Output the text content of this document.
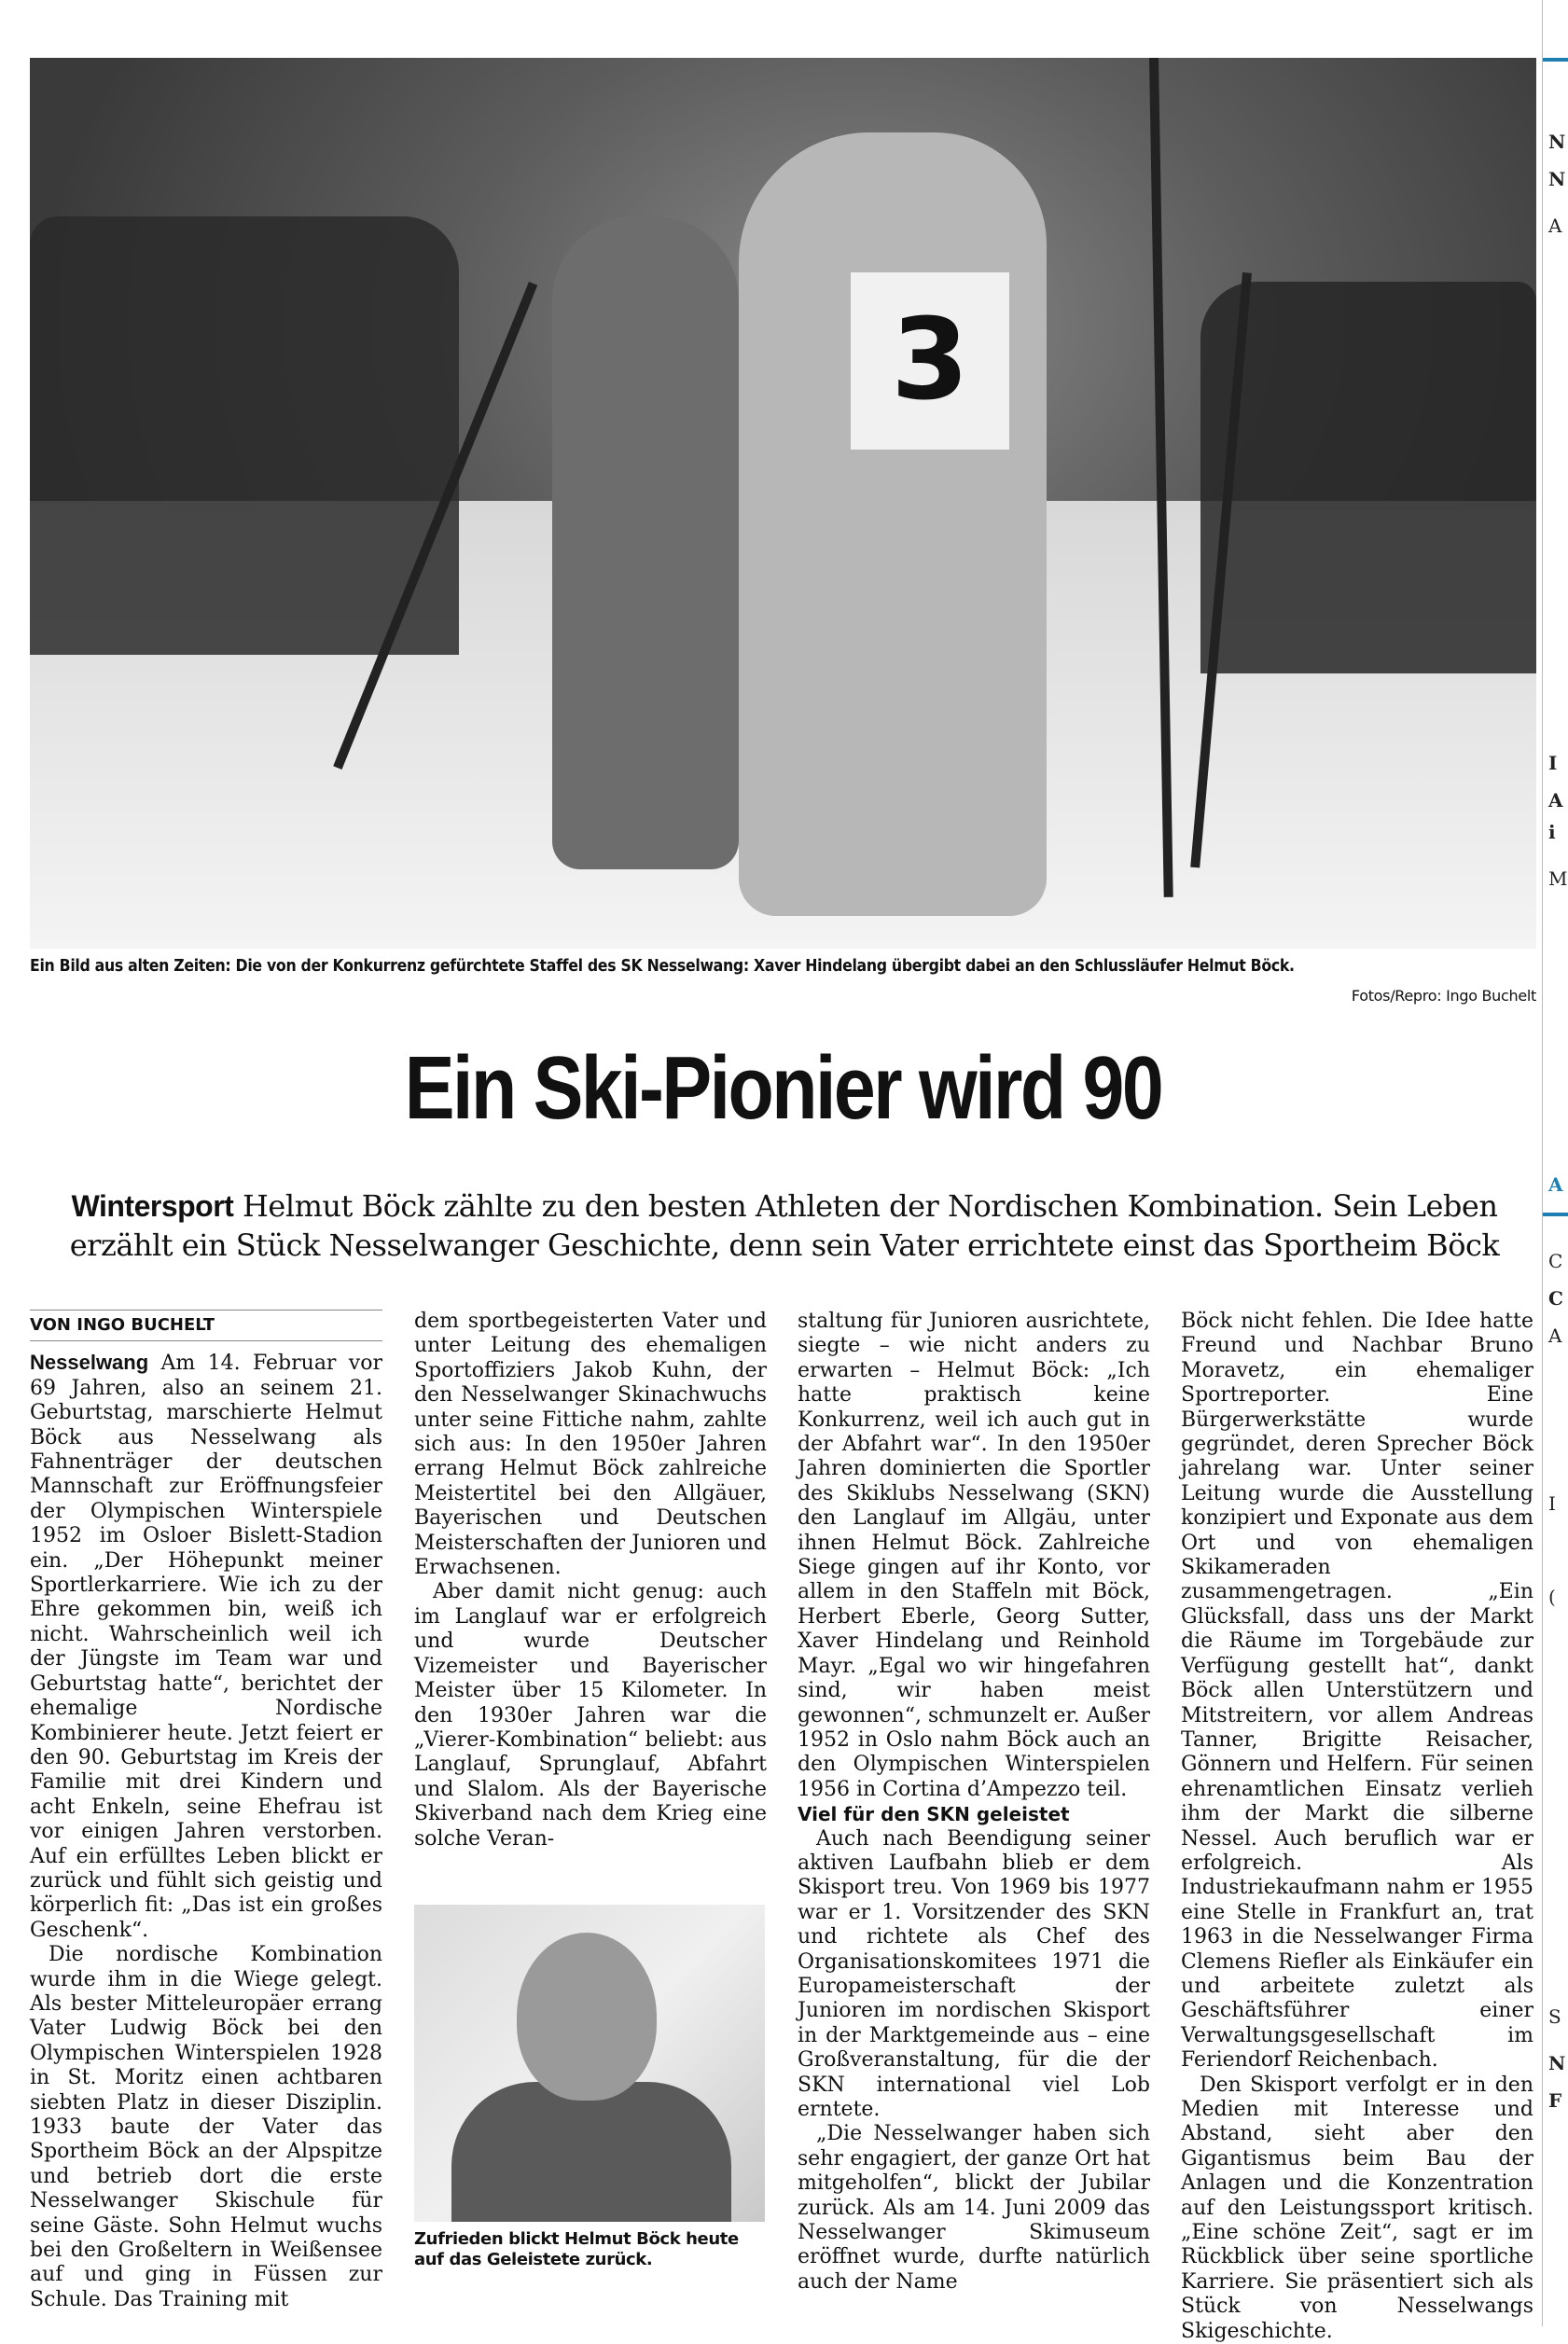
3
Ein Bild aus alten Zeiten: Die von der Konkurrenz gefürchtete Staffel des SK Nesselwang: Xaver Hindelang übergibt dabei an den Schlussläufer Helmut Böck.
Fotos/Repro: Ingo Buchelt
Ein Ski-Pionier wird 90
Wintersport Helmut Böck zählte zu den besten Athleten der Nordischen Kombination. Sein Leben erzählt ein Stück Nesselwanger Geschichte, denn sein Vater errichtete einst das Sportheim Böck
VON INGO BUCHELT

Nesselwang Am 14. Februar vor 69 Jahren, also an seinem 21. Geburtstag, marschierte Helmut Böck aus Nesselwang als Fahnenträger der deutschen Mannschaft zur Eröffnungsfeier der Olympischen Winterspiele 1952 im Osloer Bislett-Stadion ein. „Der Höhepunkt meiner Sportlerkarriere. Wie ich zu der Ehre gekommen bin, weiß ich nicht. Wahrscheinlich weil ich der Jüngste im Team war und Geburtstag hatte“, berichtet der ehemalige Nordische Kombinierer heute. Jetzt feiert er den 90. Geburtstag im Kreis der Familie mit drei Kindern und acht Enkeln, seine Ehefrau ist vor einigen Jahren verstorben. Auf ein erfülltes Leben blickt er zurück und fühlt sich geistig und körperlich fit: „Das ist ein großes Geschenk“.

Die nordische Kombination wurde ihm in die Wiege gelegt. Als bester Mitteleuropäer errang Vater Ludwig Böck bei den Olympischen Winterspielen 1928 in St. Moritz einen achtbaren siebten Platz in dieser Disziplin. 1933 baute der Vater das Sportheim Böck an der Alpspitze und betrieb dort die erste Nesselwanger Skischule für seine Gäste. Sohn Helmut wuchs bei den Großeltern in Weißensee auf und ging in Füssen zur Schule. Das Training mit

dem sportbegeisterten Vater und unter Leitung des ehemaligen Sportoffiziers Jakob Kuhn, der den Nesselwanger Skinachwuchs unter seine Fittiche nahm, zahlte sich aus: In den 1950er Jahren errang Helmut Böck zahlreiche Meistertitel bei den Allgäuer, Bayerischen und Deutschen Meisterschaften der Junioren und Erwachsenen.

Aber damit nicht genug: auch im Langlauf war er erfolgreich und wurde Deutscher Vizemeister und Bayerischer Meister über 15 Kilometer. In den 1930er Jahren war die „Vierer-Kombination“ beliebt: aus Langlauf, Sprunglauf, Abfahrt und Slalom. Als der Bayerische Skiverband nach dem Krieg eine solche Veran-

Zufrieden blickt Helmut Böck heute auf das Geleistete zurück.

staltung für Junioren ausrichtete, siegte – wie nicht anders zu erwarten – Helmut Böck: „Ich hatte praktisch keine Konkurrenz, weil ich auch gut in der Abfahrt war“. In den 1950er Jahren dominierten die Sportler des Skiklubs Nesselwang (SKN) den Langlauf im Allgäu, unter ihnen Helmut Böck. Zahlreiche Siege gingen auf ihr Konto, vor allem in den Staffeln mit Böck, Herbert Eberle, Georg Sutter, Xaver Hindelang und Reinhold Mayr. „Egal wo wir hingefahren sind, wir haben meist gewonnen“, schmunzelt er. Außer 1952 in Oslo nahm Böck auch an den Olympischen Winterspielen 1956 in Cortina d’Ampezzo teil.

Viel für den SKN geleistet

Auch nach Beendigung seiner aktiven Laufbahn blieb er dem Skisport treu. Von 1969 bis 1977 war er 1. Vorsitzender des SKN und richtete als Chef des Organisationskomitees 1971 die Europameisterschaft der Junioren im nordischen Skisport in der Marktgemeinde aus – eine Großveranstaltung, für die der SKN international viel Lob erntete.

„Die Nesselwanger haben sich sehr engagiert, der ganze Ort hat mitgeholfen“, blickt der Jubilar zurück. Als am 14. Juni 2009 das Nesselwanger Skimuseum eröffnet wurde, durfte natürlich auch der Name

Böck nicht fehlen. Die Idee hatte Freund und Nachbar Bruno Moravetz, ein ehemaliger Sportreporter. Eine Bürgerwerkstätte wurde gegründet, deren Sprecher Böck jahrelang war. Unter seiner Leitung wurde die Ausstellung konzipiert und Exponate aus dem Ort und von ehemaligen Skikameraden zusammengetragen. „Ein Glücksfall, dass uns der Markt die Räume im Torgebäude zur Verfügung gestellt hat“, dankt Böck allen Unterstützern und Mitstreitern, vor allem Andreas Tanner, Brigitte Reisacher, Gönnern und Helfern. Für seinen ehrenamtlichen Einsatz verlieh ihm der Markt die silberne Nessel. Auch beruflich war er erfolgreich. Als Industriekaufmann nahm er 1955 eine Stelle in Frankfurt an, trat 1963 in die Nesselwanger Firma Clemens Riefler als Einkäufer ein und arbeitete zuletzt als Geschäftsführer einer Verwaltungsgesellschaft im Feriendorf Reichenbach.

Den Skisport verfolgt er in den Medien mit Interesse und Abstand, sieht aber den Gigantismus beim Bau der Anlagen und die Konzentration auf den Leistungssport kritisch. „Eine schöne Zeit“, sagt er im Rückblick über seine sportliche Karriere. Sie präsentiert sich als Stück von Nesselwangs Skigeschichte.

N
N
A
I
A
i
M
A
C
C
A
I
(
S
N
F
